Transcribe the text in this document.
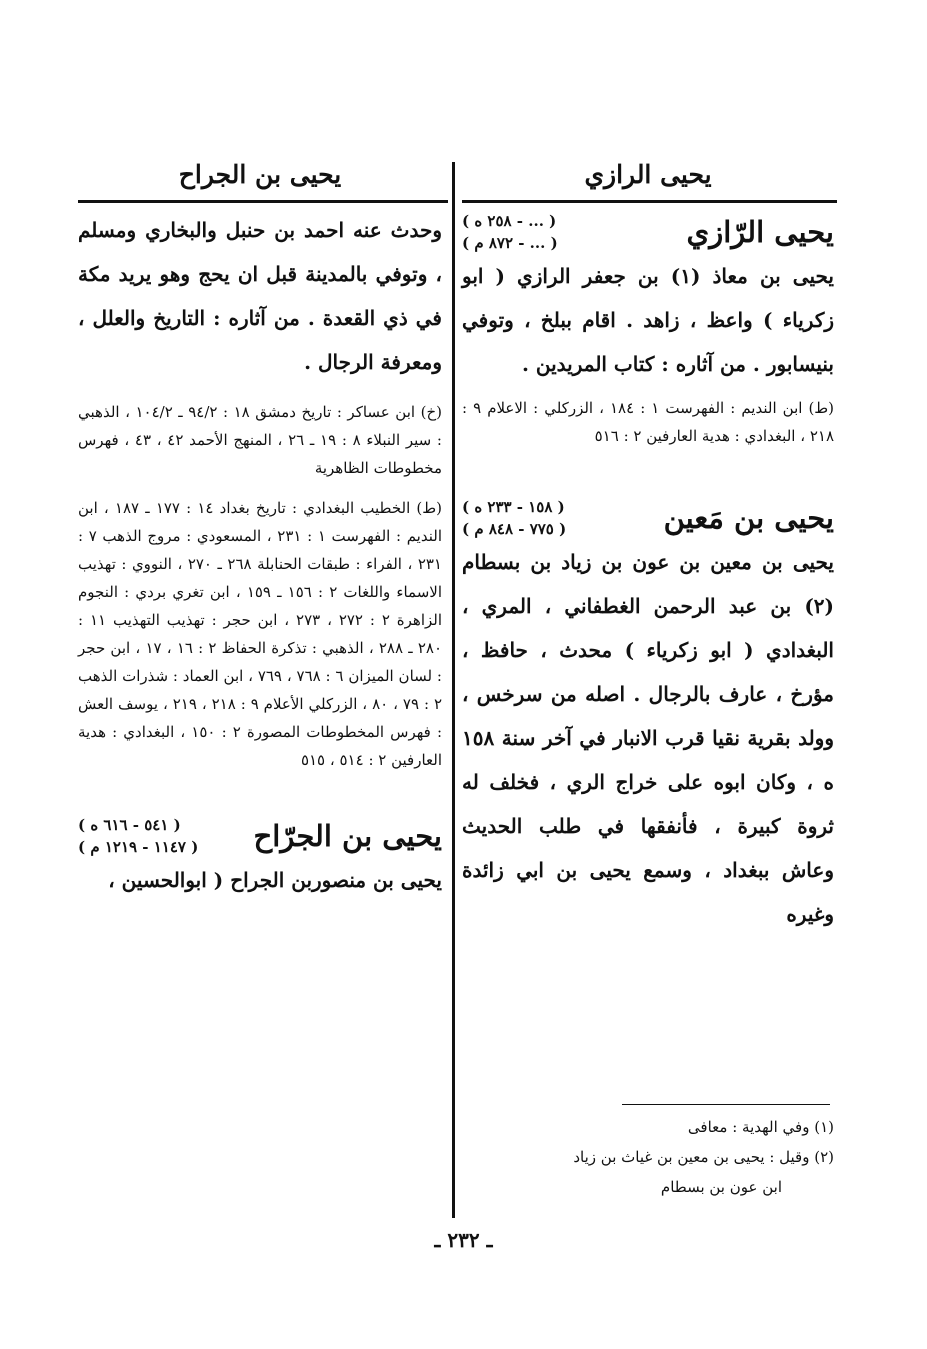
يحيى الرازي
يحيى الرّازي
( ... - ٢٥٨ ه )
( ... - ٨٧٢ م )
يحيى بن معاذ (١) بن جعفر الرازي ( ابو زكرياء ) واعظ ، زاهد . اقام ببلخ ، وتوفي بنيسابور . من آثاره : كتاب المريدين .
(ط) ابن النديم : الفهرست ١ : ١٨٤ ، الزركلي : الاعلام ٩ : ٢١٨ ، البغدادي : هدية العارفين ٢ : ٥١٦
يحيى بن مَعين
( ١٥٨ - ٢٣٣ ه )
( ٧٧٥ - ٨٤٨ م )
يحيى بن معين بن عون بن زياد بن بسطام (٢) بن عبد الرحمن الغطفاني ، المري ، البغدادي ( ابو زكرياء ) محدث ، حافظ ، مؤرخ ، عارف بالرجال . اصله من سرخس ، وولد بقرية نقيا قرب الانبار في آخر سنة ١٥٨ ه ، وكان ابوه على خراج الري ، فخلف له ثروة كبيرة ، فأنفقها في طلب الحديث وعاش ببغداد ، وسمع يحيى بن ابي زائدة وغيره
يحيى بن الجراح
وحدث عنه احمد بن حنبل والبخاري ومسلم ، وتوفي بالمدينة قبل ان يحج وهو يريد مكة في ذي القعدة . من آثاره : التاريخ والعلل ، ومعرفة الرجال .
(خ) ابن عساكر : تاريخ دمشق ١٨ : ٩٤/٢ ـ ١٠٤/٢ ، الذهبي : سير النبلاء ٨ : ١٩ ـ ٢٦ ، المنهج الأحمد ٤٢ ، ٤٣ ، فهرس مخطوطات الظاهرية
(ط) الخطيب البغدادي : تاريخ بغداد ١٤ : ١٧٧ ـ ١٨٧ ، ابن النديم : الفهرست ١ : ٢٣١ ، المسعودي : مروج الذهب ٧ : ٢٣١ ، الفراء : طبقات الحنابلة ٢٦٨ ـ ٢٧٠ ، النووي : تهذيب الاسماء واللغات ٢ : ١٥٦ ـ ١٥٩ ، ابن تغري بردي : النجوم الزاهرة ٢ : ٢٧٢ ، ٢٧٣ ، ابن حجر : تهذيب التهذيب ١١ : ٢٨٠ ـ ٢٨٨ ، الذهبي : تذكرة الحفاظ ٢ : ١٦ ، ١٧ ، ابن حجر : لسان الميزان ٦ : ٧٦٨ ، ٧٦٩ ، ابن العماد : شذرات الذهب ٢ : ٧٩ ، ٨٠ ، الزركلي الأعلام ٩ : ٢١٨ ، ٢١٩ ، يوسف العش : فهرس المخطوطات المصورة ٢ : ١٥٠ ، البغدادي : هدية العارفين ٢ : ٥١٤ ، ٥١٥
يحيى بن الجرّاح
( ٥٤١ - ٦١٦ ه )
( ١١٤٧ - ١٢١٩ م )
يحيى بن منصوربن الجراح ( ابوالحسين ،
(١) وفي الهدية : معافى
(٢) وقيل : يحيى بن معين بن غياث بن زياد
ابن عون بن بسطام
ـ ٢٣٢ ـ
